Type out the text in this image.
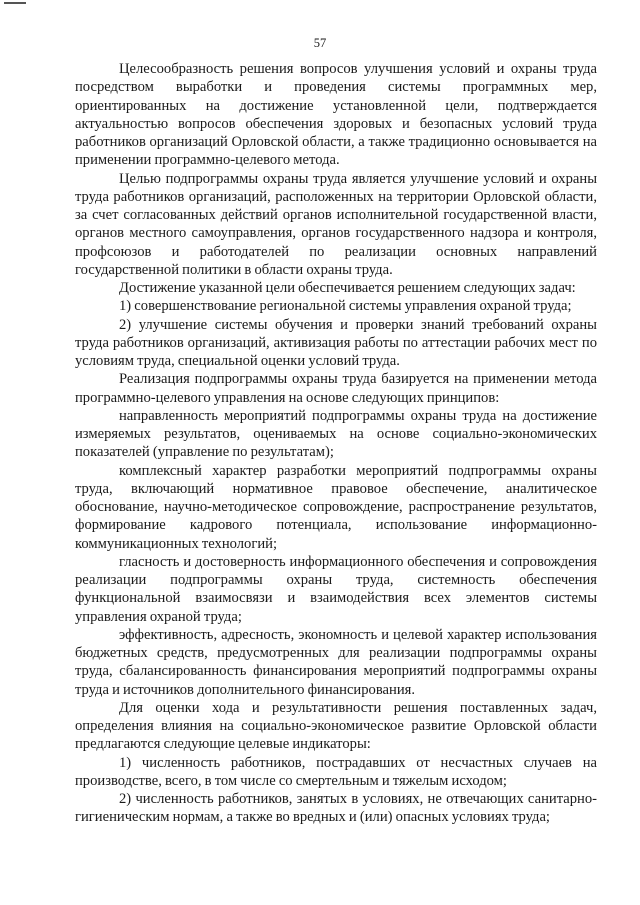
57

Целесообразность решения вопросов улучшения условий и охраны труда посредством выработки и проведения системы программных мер, ориентированных на достижение установленной цели, подтверждается актуальностью вопросов обеспечения здоровых и безопасных условий труда работников организаций Орловской области, а также традиционно основывается на применении программно-целевого метода.

Целью подпрограммы охраны труда является улучшение условий и охраны труда работников организаций, расположенных на территории Орловской области, за счет согласованных действий органов исполнительной государственной власти, органов местного самоуправления, органов государственного надзора и контроля, профсоюзов и работодателей по реализации основных направлений государственной политики в области охраны труда.

Достижение указанной цели обеспечивается решением следующих задач:

1) совершенствование региональной системы управления охраной труда;

2) улучшение системы обучения и проверки знаний требований охраны труда работников организаций, активизация работы по аттестации рабочих мест по условиям труда, специальной оценки условий труда.

Реализация подпрограммы охраны труда базируется на применении метода программно-целевого управления на основе следующих принципов:

направленность мероприятий подпрограммы охраны труда на достижение измеряемых результатов, оцениваемых на основе социально-экономических показателей (управление по результатам);

комплексный характер разработки мероприятий подпрограммы охраны труда, включающий нормативное правовое обеспечение, аналитическое обоснование, научно-методическое сопровождение, распространение результатов, формирование кадрового потенциала, использование информационно-коммуникационных технологий;

гласность и достоверность информационного обеспечения и сопровождения реализации подпрограммы охраны труда, системность обеспечения функциональной взаимосвязи и взаимодействия всех элементов системы управления охраной труда;

эффективность, адресность, экономность и целевой характер использования бюджетных средств, предусмотренных для реализации подпрограммы охраны труда, сбалансированность финансирования мероприятий подпрограммы охраны труда и источников дополнительного финансирования.

Для оценки хода и результативности решения поставленных задач, определения влияния на социально-экономическое развитие Орловской области предлагаются следующие целевые индикаторы:

1) численность работников, пострадавших от несчастных случаев на производстве, всего, в том числе со смертельным и тяжелым исходом;

2) численность работников, занятых в условиях, не отвечающих санитарно-гигиеническим нормам, а также во вредных и (или) опасных условиях труда;
